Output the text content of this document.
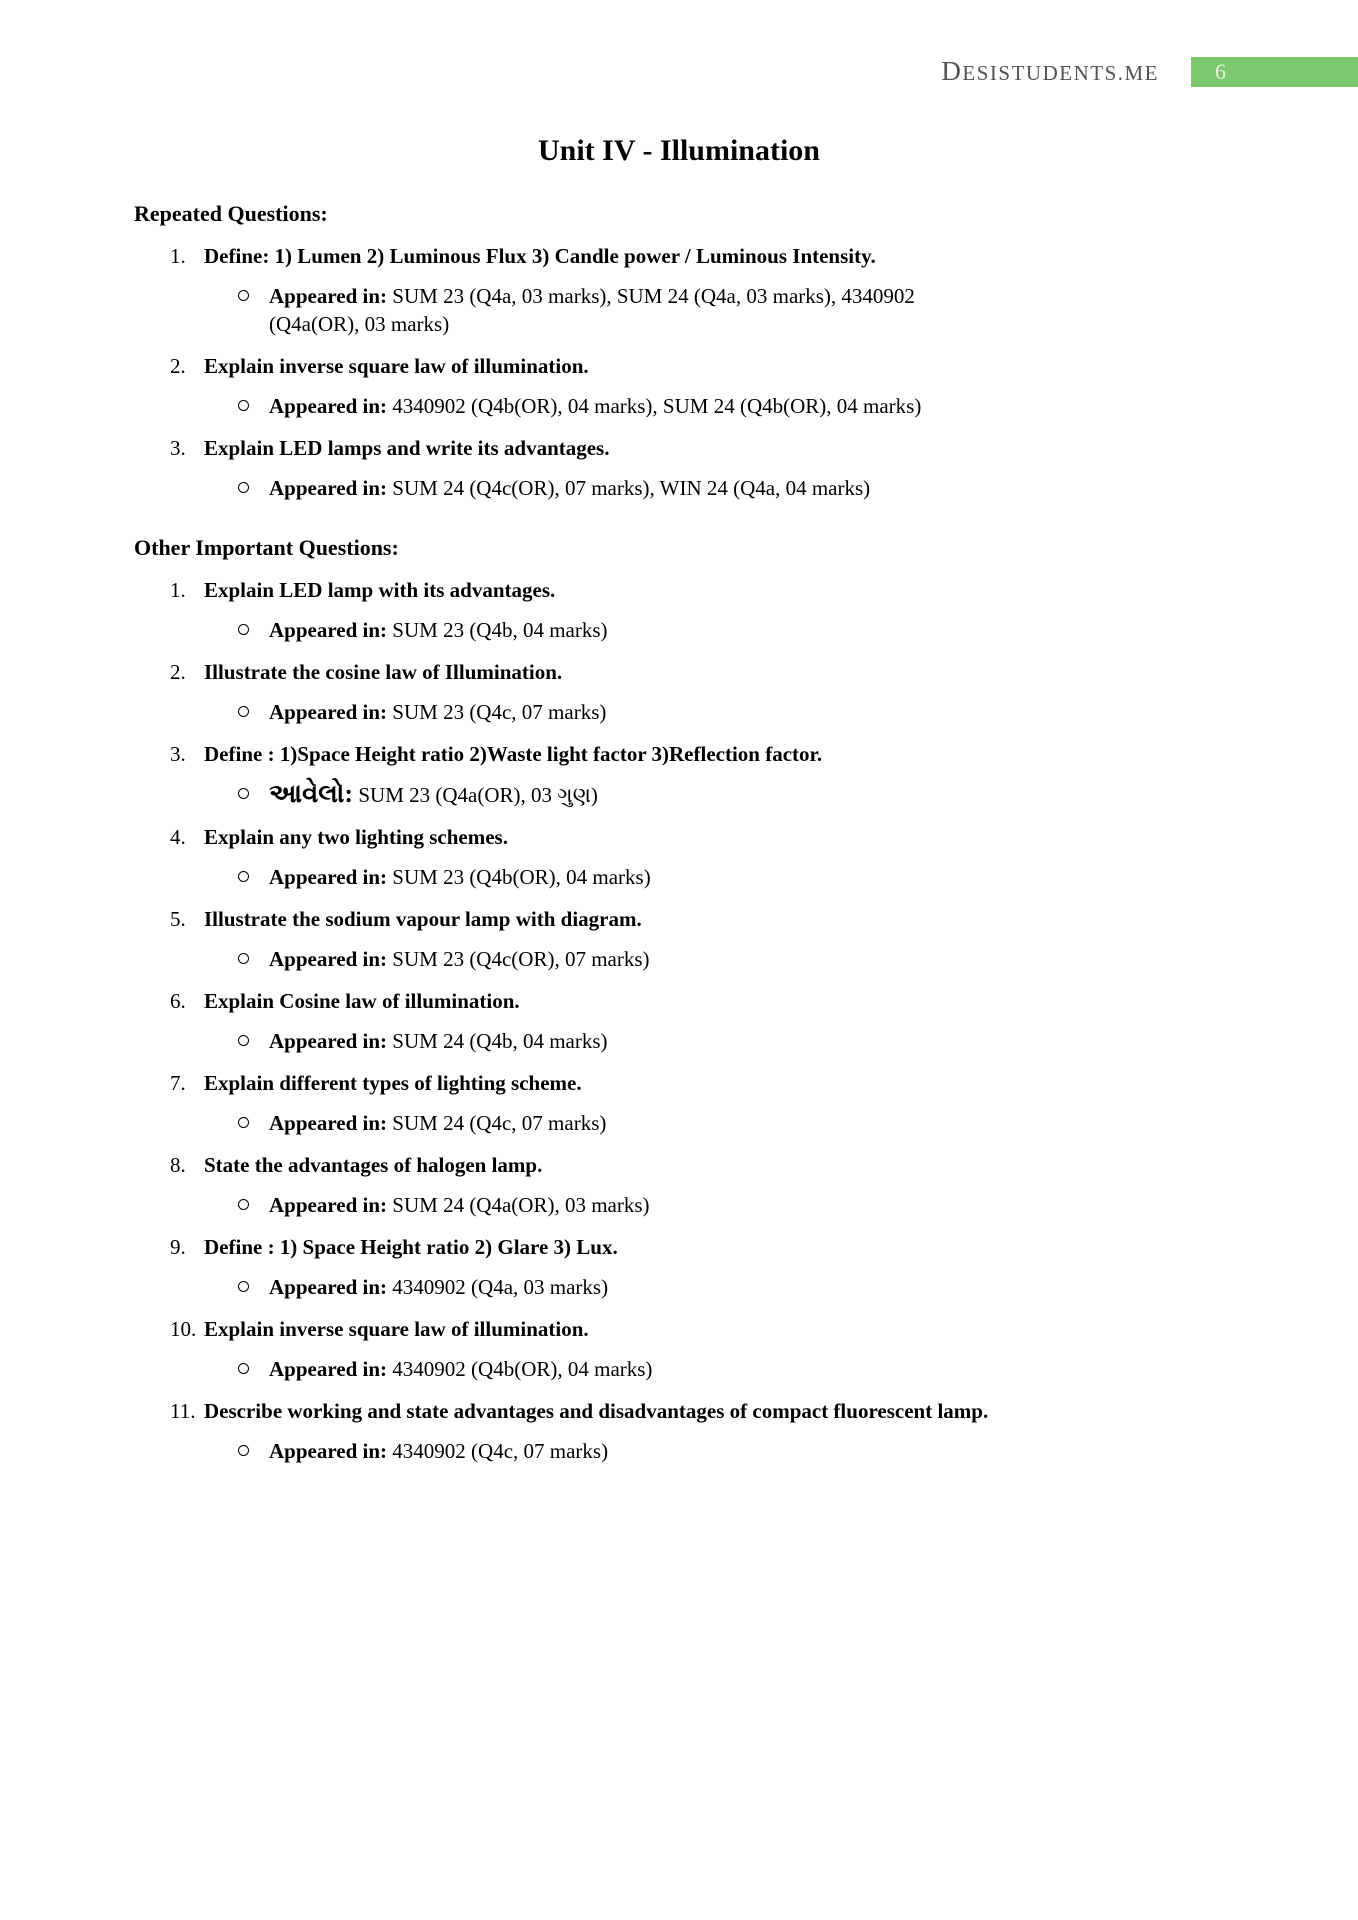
DESISTUDENTS.ME	6
Unit IV - Illumination
Repeated Questions:
1. Define: 1) Lumen 2) Luminous Flux 3) Candle power / Luminous Intensity.
Appeared in: SUM 23 (Q4a, 03 marks), SUM 24 (Q4a, 03 marks), 4340902 (Q4a(OR), 03 marks)
2. Explain inverse square law of illumination.
Appeared in: 4340902 (Q4b(OR), 04 marks), SUM 24 (Q4b(OR), 04 marks)
3. Explain LED lamps and write its advantages.
Appeared in: SUM 24 (Q4c(OR), 07 marks), WIN 24 (Q4a, 04 marks)
Other Important Questions:
1. Explain LED lamp with its advantages.
Appeared in: SUM 23 (Q4b, 04 marks)
2. Illustrate the cosine law of Illumination.
Appeared in: SUM 23 (Q4c, 07 marks)
3. Define : 1)Space Height ratio 2)Waste light factor 3)Reflection factor.
આવેલો: SUM 23 (Q4a(OR), 03 ગુણ)
4. Explain any two lighting schemes.
Appeared in: SUM 23 (Q4b(OR), 04 marks)
5. Illustrate the sodium vapour lamp with diagram.
Appeared in: SUM 23 (Q4c(OR), 07 marks)
6. Explain Cosine law of illumination.
Appeared in: SUM 24 (Q4b, 04 marks)
7. Explain different types of lighting scheme.
Appeared in: SUM 24 (Q4c, 07 marks)
8. State the advantages of halogen lamp.
Appeared in: SUM 24 (Q4a(OR), 03 marks)
9. Define : 1) Space Height ratio 2) Glare 3) Lux.
Appeared in: 4340902 (Q4a, 03 marks)
10. Explain inverse square law of illumination.
Appeared in: 4340902 (Q4b(OR), 04 marks)
11. Describe working and state advantages and disadvantages of compact fluorescent lamp.
Appeared in: 4340902 (Q4c, 07 marks)
